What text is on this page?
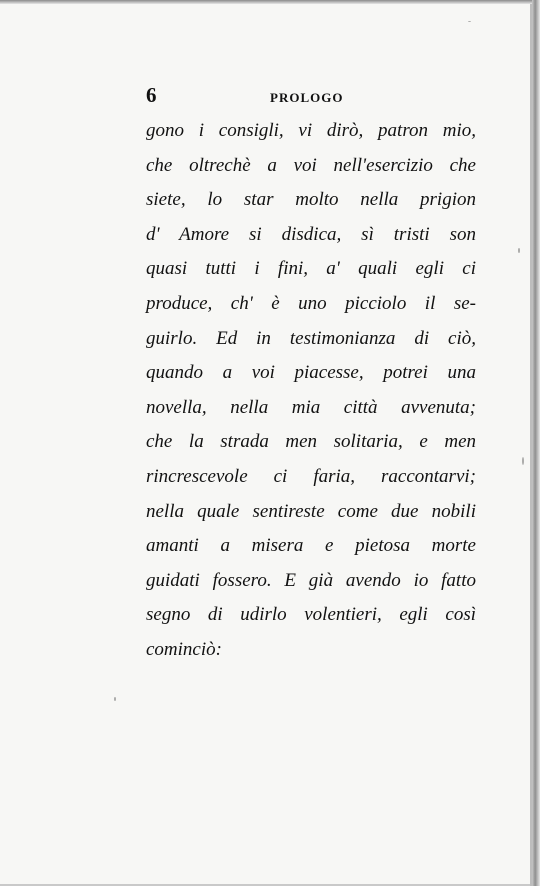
6	PROLOGO
gono i consigli, vi dirò, patron mio,
che oltrechè a voi nell'esercizio che
siete, lo star molto nella prigion
d' Amore si disdica, sì tristi son
quasi tutti i fini, a' quali egli ci
produce, ch' è uno picciolo il se-
guirlo. Ed in testimonianza di ciò,
quando a voi piacesse, potrei una
novella, nella mia città avvenuta;
che la strada men solitaria, e men
rincrescevole ci faria, raccontarvi;
nella quale sentireste come due nobili
amanti a misera e pietosa morte
guidati fossero. E già avendo io fatto
segno di udirlo volentieri, egli così
cominciò:
